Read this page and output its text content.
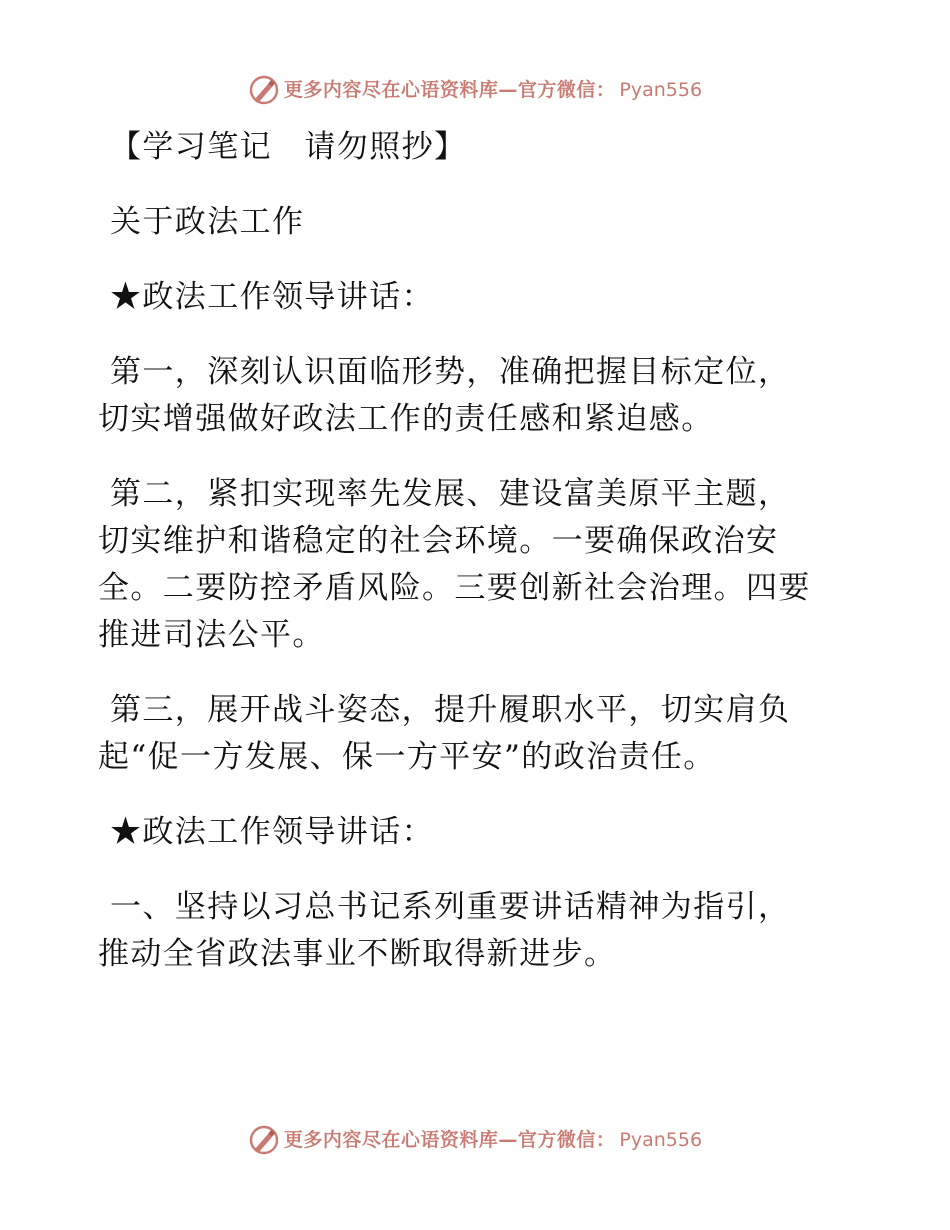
更多内容尽在心语资料库—官方微信： Pyan556
【学习笔记　请勿照抄】
关于政法工作
★政法工作领导讲话：
第一，深刻认识面临形势，准确把握目标定位，
切实增强做好政法工作的责任感和紧迫感。
第二，紧扣实现率先发展、建设富美原平主题，
切实维护和谐稳定的社会环境。一要确保政治安
全。二要防控矛盾风险。三要创新社会治理。四要
推进司法公平。
第三，展开战斗姿态，提升履职水平，切实肩负
起“促一方发展、保一方平安”的政治责任。
★政法工作领导讲话：
一、坚持以习总书记系列重要讲话精神为指引，
推动全省政法事业不断取得新进步。
更多内容尽在心语资料库—官方微信： Pyan556
